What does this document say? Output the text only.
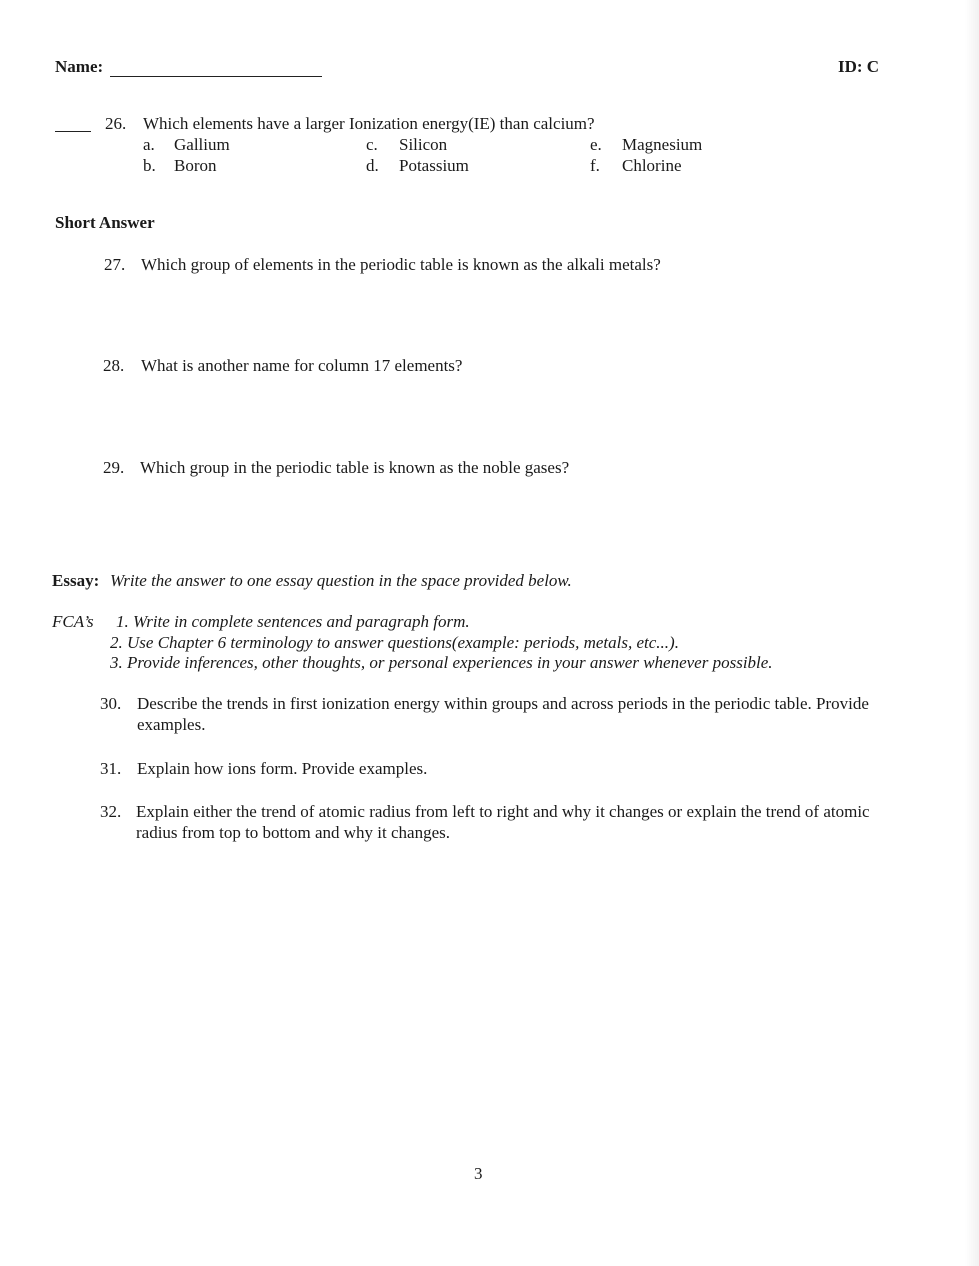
Name:	ID: C
26. Which elements have a larger Ionization energy(IE) than calcium?
a. Gallium
b. Boron
c. Silicon
d. Potassium
e. Magnesium
f. Chlorine
Short Answer
27. Which group of elements in the periodic table is known as the alkali metals?
28. What is another name for column 17 elements?
29. Which group in the periodic table is known as the noble gases?
Essay: Write the answer to one essay question in the space provided below.
FCA’s 1. Write in complete sentences and paragraph form.
2. Use Chapter 6 terminology to answer questions(example: periods, metals, etc...).
3. Provide inferences, other thoughts, or personal experiences in your answer whenever possible.
30. Describe the trends in first ionization energy within groups and across periods in the periodic table. Provide
examples.
31. Explain how ions form. Provide examples.
32. Explain either the trend of atomic radius from left to right and why it changes or explain the trend of atomic
radius from top to bottom and why it changes.
3
